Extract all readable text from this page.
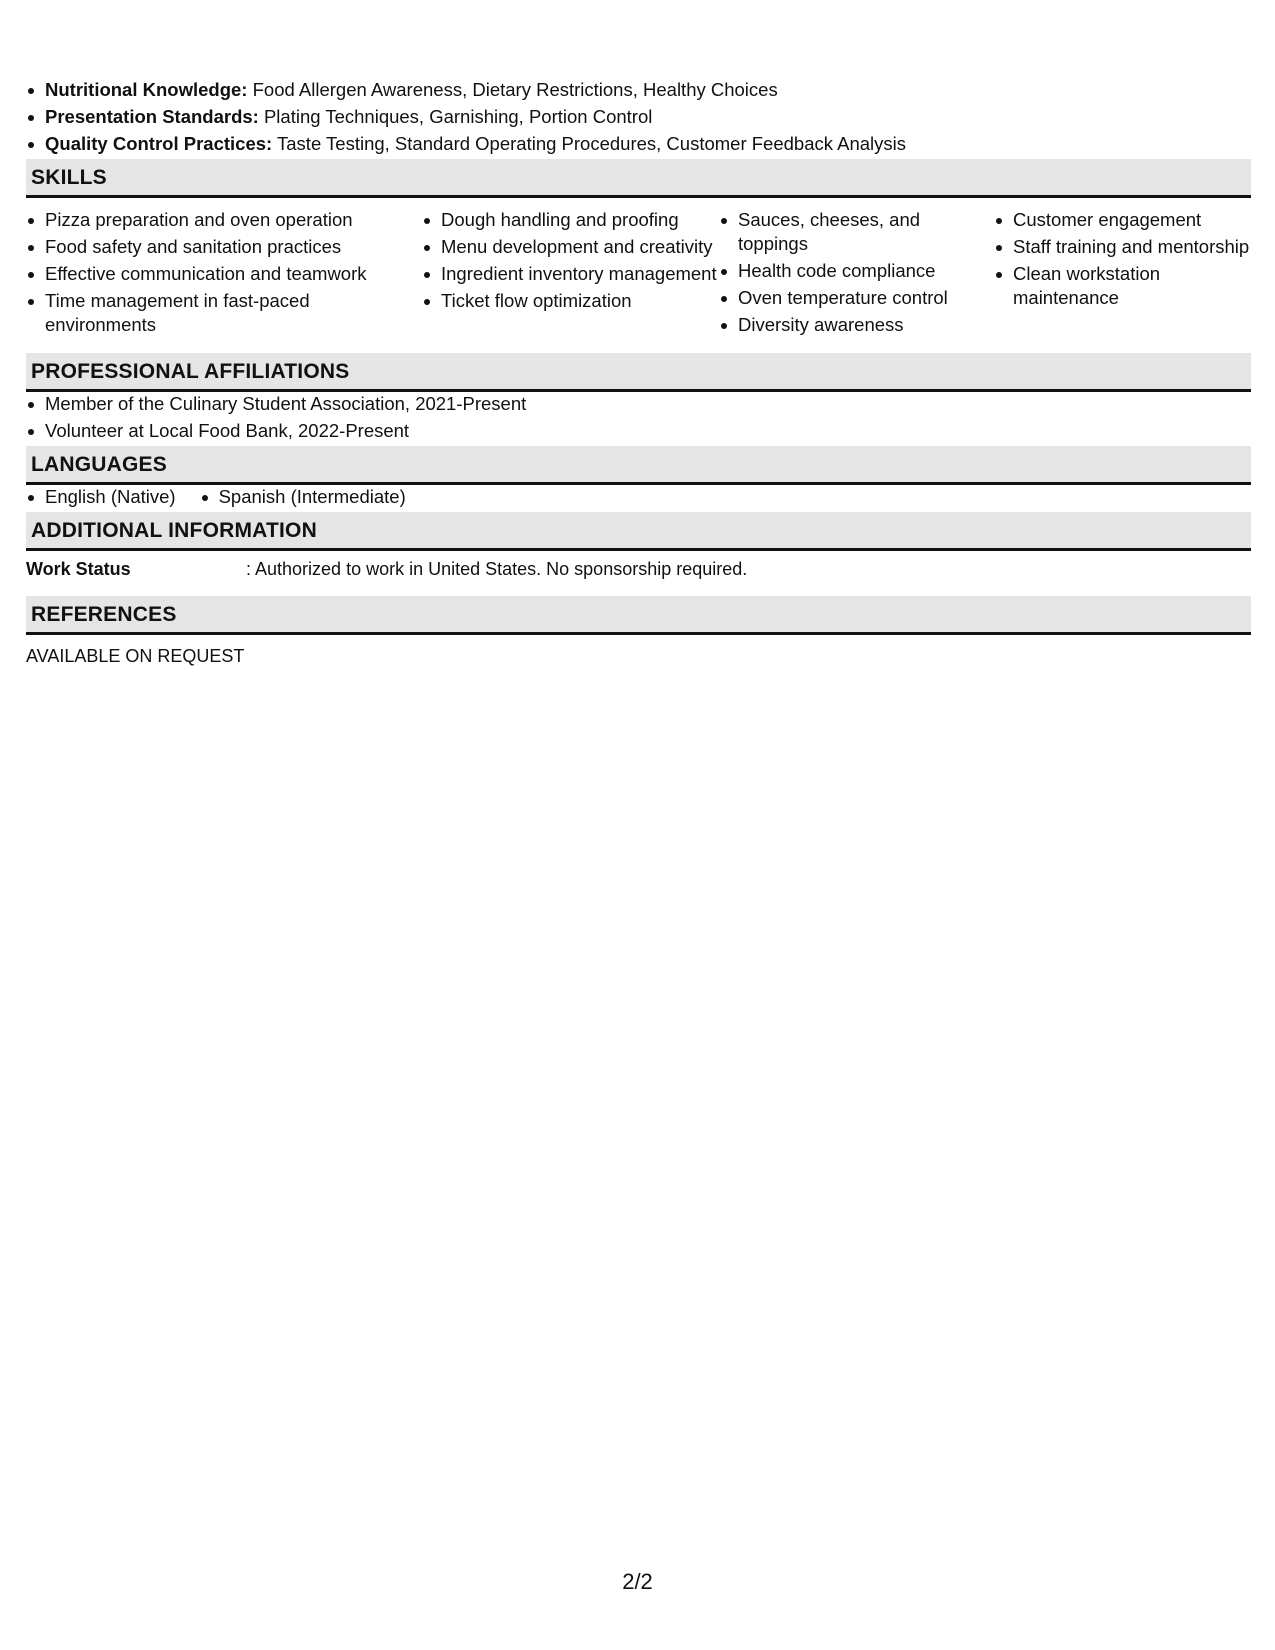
Nutritional Knowledge: Food Allergen Awareness, Dietary Restrictions, Healthy Choices
Presentation Standards: Plating Techniques, Garnishing, Portion Control
Quality Control Practices: Taste Testing, Standard Operating Procedures, Customer Feedback Analysis
SKILLS
Pizza preparation and oven operation
Food safety and sanitation practices
Effective communication and teamwork
Time management in fast-paced environments
Dough handling and proofing
Menu development and creativity
Ingredient inventory management
Ticket flow optimization
Sauces, cheeses, and toppings
Health code compliance
Oven temperature control
Diversity awareness
Customer engagement
Staff training and mentorship
Clean workstation maintenance
PROFESSIONAL AFFILIATIONS
Member of the Culinary Student Association, 2021-Present
Volunteer at Local Food Bank, 2022-Present
LANGUAGES
English (Native)	Spanish (Intermediate)
ADDITIONAL INFORMATION
Work Status	: Authorized to work in United States. No sponsorship required.
REFERENCES
AVAILABLE ON REQUEST
2/2
